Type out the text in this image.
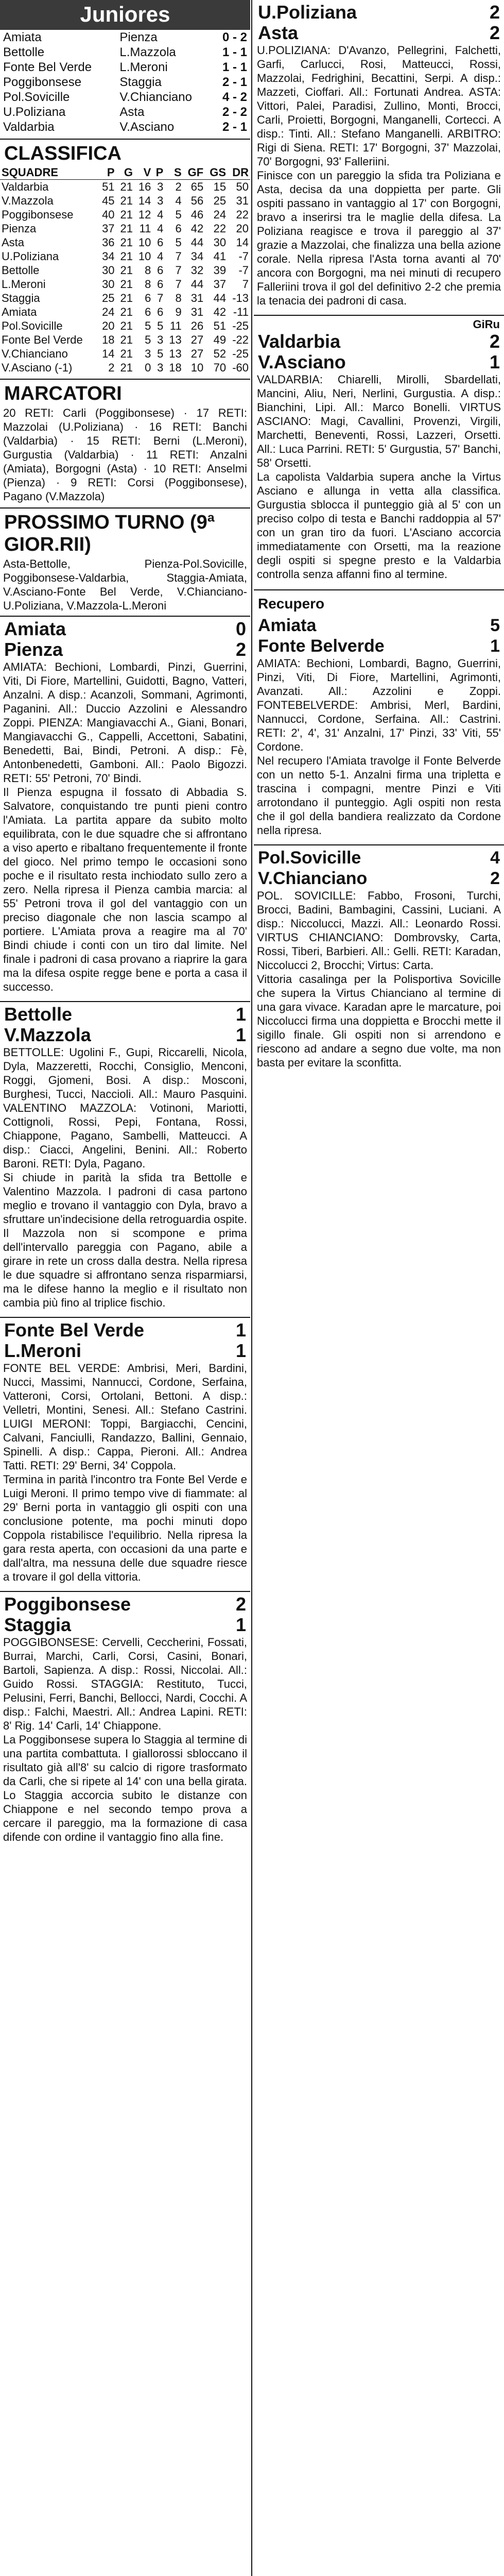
Juniores
Amiata	Pienza	0 - 2
Bettolle	L.Mazzola	1 - 1
Fonte Bel Verde	L.Meroni	1 - 1
Poggibonsese	Staggia	2 - 1
Pol.Sovicille	V.Chianciano	4 - 2
U.Poliziana	Asta	2 - 2
Valdarbia	V.Asciano	2 - 1
CLASSIFICA
SQUADRE	P	G	V	P	S	GF	GS	DR
Valdarbia	51	21	16	3	2	65	15	50
V.Mazzola	45	21	14	3	4	56	25	31
Poggibonsese	40	21	12	4	5	46	24	22
Pienza	37	21	11	4	6	42	22	20
Asta	36	21	10	6	5	44	30	14
U.Poliziana	34	21	10	4	7	34	41	-7
Bettolle	30	21	8	6	7	32	39	-7
L.Meroni	30	21	8	6	7	44	37	7
Staggia	25	21	6	7	8	31	44	-13
Amiata	24	21	6	6	9	31	42	-11
Pol.Sovicille	20	21	5	5	11	26	51	-25
Fonte Bel Verde	18	21	5	3	13	27	49	-22
V.Chianciano	14	21	3	5	13	27	52	-25
V.Asciano (-1)	2	21	0	3	18	10	70	-60
MARCATORI

20 RETI: Carli (Poggibonsese) · 17 RETI: Mazzolai (U.Poliziana) · 16 RETI: Banchi (Valdarbia) · 15 RETI: Berni (L.Meroni), Gurgustia (Valdarbia) · 11 RETI: Anzalni (Amiata), Borgogni (Asta) · 10 RETI: Anselmi (Pienza) · 9 RETI: Corsi (Poggibonsese), Pagano (V.Mazzola)

PROSSIMO TURNO (9ª GIOR.RII)

Asta-Bettolle, Pienza-Pol.Sovicille, Poggibonsese-Valdarbia, Staggia-Amiata, V.Asciano-Fonte Bel Verde, V.Chianciano-U.Poliziana, V.Mazzola-L.Meroni

Amiata	0
Pienza	2

AMIATA: Bechioni, Lombardi, Pinzi, Guerrini, Viti, Di Fiore, Martellini, Guidotti, Bagno, Vatteri, Anzalni. A disp.: Acanzoli, Sommani, Agrimonti, Paganini. All.: Duccio Azzolini e Alessandro Zoppi. PIENZA: Mangiavacchi A., Giani, Bonari, Mangiavacchi G., Cappelli, Accettoni, Sabatini, Benedetti, Bai, Bindi, Petroni. A disp.: Fè, Antonbenedetti, Gamboni. All.: Paolo Bigozzi. RETI: 55' Petroni, 70' Bindi.

Il Pienza espugna il fossato di Abbadia S. Salvatore, conquistando tre punti pieni contro l'Amiata. La partita appare da subito molto equilibrata, con le due squadre che si affrontano a viso aperto e ribaltano frequentemente il fronte del gioco. Nel primo tempo le occasioni sono poche e il risultato resta inchiodato sullo zero a zero. Nella ripresa il Pienza cambia marcia: al 55' Petroni trova il gol del vantaggio con un preciso diagonale che non lascia scampo al portiere. L'Amiata prova a reagire ma al 70' Bindi chiude i conti con un tiro dal limite. Nel finale i padroni di casa provano a riaprire la gara ma la difesa ospite regge bene e porta a casa il successo.

Bettolle	1
V.Mazzola	1

BETTOLLE: Ugolini F., Gupi, Riccarelli, Nicola, Dyla, Mazzeretti, Rocchi, Consiglio, Menconi, Roggi, Gjomeni, Bosi. A disp.: Mosconi, Burghesi, Tucci, Naccioli. All.: Mauro Pasquini. VALENTINO MAZZOLA: Votinoni, Mariotti, Cottignoli, Rossi, Pepi, Fontana, Rossi, Chiappone, Pagano, Sambelli, Matteucci. A disp.: Ciacci, Angelini, Benini. All.: Roberto Baroni. RETI: Dyla, Pagano.

Si chiude in parità la sfida tra Bettolle e Valentino Mazzola. I padroni di casa partono meglio e trovano il vantaggio con Dyla, bravo a sfruttare un'indecisione della retroguardia ospite. Il Mazzola non si scompone e prima dell'intervallo pareggia con Pagano, abile a girare in rete un cross dalla destra. Nella ripresa le due squadre si affrontano senza risparmiarsi, ma le difese hanno la meglio e il risultato non cambia più fino al triplice fischio.

Fonte Bel Verde	1
L.Meroni	1

FONTE BEL VERDE: Ambrisi, Meri, Bardini, Nucci, Massimi, Nannucci, Cordone, Serfaina, Vatteroni, Corsi, Ortolani, Bettoni. A disp.: Velletri, Montini, Senesi. All.: Stefano Castrini. LUIGI MERONI: Toppi, Bargiacchi, Cencini, Calvani, Fanciulli, Randazzo, Ballini, Gennaio, Spinelli. A disp.: Cappa, Pieroni. All.: Andrea Tatti. RETI: 29' Berni, 34' Coppola.

Termina in parità l'incontro tra Fonte Bel Verde e Luigi Meroni. Il primo tempo vive di fiammate: al 29' Berni porta in vantaggio gli ospiti con una conclusione potente, ma pochi minuti dopo Coppola ristabilisce l'equilibrio. Nella ripresa la gara resta aperta, con occasioni da una parte e dall'altra, ma nessuna delle due squadre riesce a trovare il gol della vittoria.

Poggibonsese	2
Staggia	1

POGGIBONSESE: Cervelli, Ceccherini, Fossati, Burrai, Marchi, Carli, Corsi, Casini, Bonari, Bartoli, Sapienza. A disp.: Rossi, Niccolai. All.: Guido Rossi. STAGGIA: Restituto, Tucci, Pelusini, Ferri, Banchi, Bellocci, Nardi, Cocchi. A disp.: Falchi, Maestri. All.: Andrea Lapini. RETI: 8' Rig. 14' Carli, 14' Chiappone.

La Poggibonsese supera lo Staggia al termine di una partita combattuta. I giallorossi sbloccano il risultato già all'8' su calcio di rigore trasformato da Carli, che si ripete al 14' con una bella girata. Lo Staggia accorcia subito le distanze con Chiappone e nel secondo tempo prova a cercare il pareggio, ma la formazione di casa difende con ordine il vantaggio fino alla fine.

U.Poliziana	2
Asta	2

U.POLIZIANA: D'Avanzo, Pellegrini, Falchetti, Garfi, Carlucci, Rosi, Matteucci, Rossi, Mazzolai, Fedrighini, Becattini, Serpi. A disp.: Mazzeti, Cioffari. All.: Fortunati Andrea. ASTA: Vittori, Palei, Paradisi, Zullino, Monti, Brocci, Carli, Proietti, Borgogni, Manganelli, Cortecci. A disp.: Tinti. All.: Stefano Manganelli. ARBITRO: Rigi di Siena. RETI: 17' Borgogni, 37' Mazzolai, 70' Borgogni, 93' Falleriini.

Finisce con un pareggio la sfida tra Poliziana e Asta, decisa da una doppietta per parte. Gli ospiti passano in vantaggio al 17' con Borgogni, bravo a inserirsi tra le maglie della difesa. La Poliziana reagisce e trova il pareggio al 37' grazie a Mazzolai, che finalizza una bella azione corale. Nella ripresa l'Asta torna avanti al 70' ancora con Borgogni, ma nei minuti di recupero Falleriini trova il gol del definitivo 2-2 che premia la tenacia dei padroni di casa.

GiRu
Valdarbia	2
V.Asciano	1

VALDARBIA: Chiarelli, Mirolli, Sbardellati, Mancini, Aliu, Neri, Nerlini, Gurgustia. A disp.: Bianchini, Lipi. All.: Marco Bonelli. VIRTUS ASCIANO: Magi, Cavallini, Provenzi, Virgili, Marchetti, Beneventi, Rossi, Lazzeri, Orsetti. All.: Luca Parrini. RETI: 5' Gurgustia, 57' Banchi, 58' Orsetti.

La capolista Valdarbia supera anche la Virtus Asciano e allunga in vetta alla classifica. Gurgustia sblocca il punteggio già al 5' con un preciso colpo di testa e Banchi raddoppia al 57' con un gran tiro da fuori. L'Asciano accorcia immediatamente con Orsetti, ma la reazione degli ospiti si spegne presto e la Valdarbia controlla senza affanni fino al termine.

Recupero
Amiata	5
Fonte Belverde	1

AMIATA: Bechioni, Lombardi, Bagno, Guerrini, Pinzi, Viti, Di Fiore, Martellini, Agrimonti, Avanzati. All.: Azzolini e Zoppi. FONTEBELVERDE: Ambrisi, Merl, Bardini, Nannucci, Cordone, Serfaina. All.: Castrini. RETI: 2', 4', 31' Anzalni, 17' Pinzi, 33' Viti, 55' Cordone.

Nel recupero l'Amiata travolge il Fonte Belverde con un netto 5-1. Anzalni firma una tripletta e trascina i compagni, mentre Pinzi e Viti arrotondano il punteggio. Agli ospiti non resta che il gol della bandiera realizzato da Cordone nella ripresa.

Pol.Sovicille	4
V.Chianciano	2

POL. SOVICILLE: Fabbo, Frosoni, Turchi, Brocci, Badini, Bambagini, Cassini, Luciani. A disp.: Niccolucci, Mazzi. All.: Leonardo Rossi. VIRTUS CHIANCIANO: Dombrovsky, Carta, Rossi, Tiberi, Barbieri. All.: Gelli. RETI: Karadan, Niccolucci 2, Brocchi; Virtus: Carta.

Vittoria casalinga per la Polisportiva Sovicille che supera la Virtus Chianciano al termine di una gara vivace. Karadan apre le marcature, poi Niccolucci firma una doppietta e Brocchi mette il sigillo finale. Gli ospiti non si arrendono e riescono ad andare a segno due volte, ma non basta per evitare la sconfitta.
